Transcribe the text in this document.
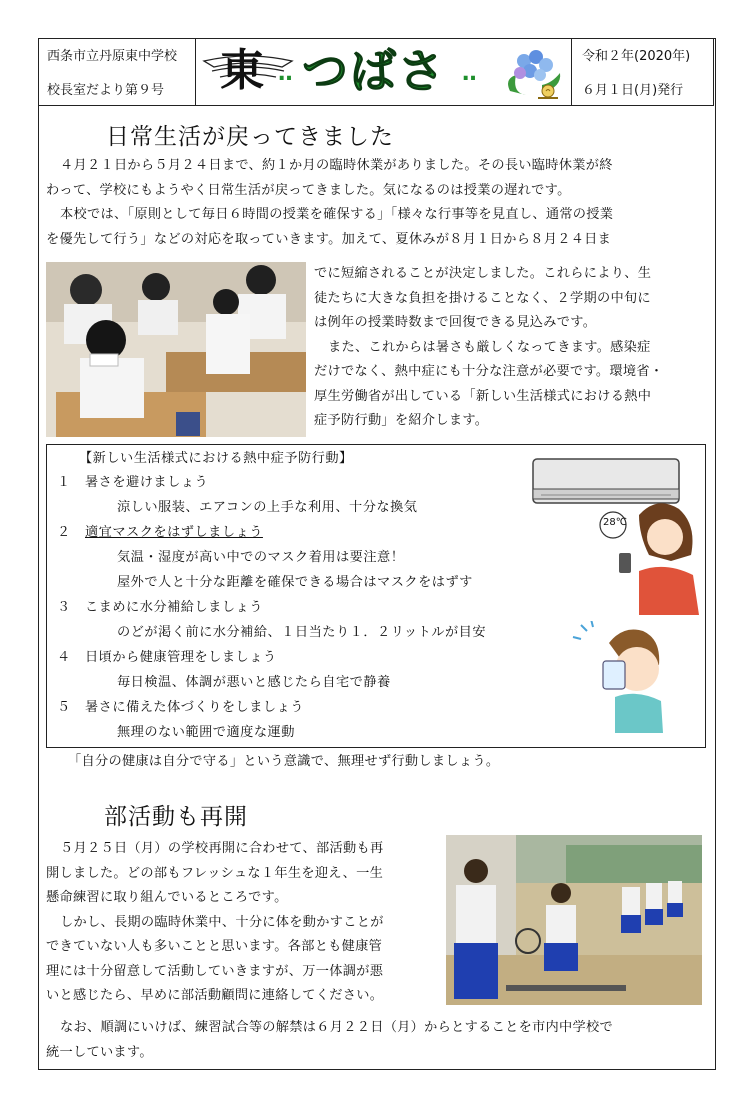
西条市立丹原東中学校
校長室だより第９号	東 ‥ つばさ ‥
令和２年(2020年)
６月１日(月)発行
日常生活が戻ってきました

４月２１日から５月２４日まで、約１か月の臨時休業がありました。その長い臨時休業が終

わって、学校にもようやく日常生活が戻ってきました。気になるのは授業の遅れです。

本校では、「原則として毎日６時間の授業を確保する」「様々な行事等を見直し、通常の授業

を優先して行う」などの対応を取っていきます。加えて、夏休みが８月１日から８月２４日ま

でに短縮されることが決定しました。これらにより、生

徒たちに大きな負担を掛けることなく、２学期の中旬に

は例年の授業時数まで回復できる見込みです。

また、これからは暑さも厳しくなってきます。感染症

だけでなく、熱中症にも十分な注意が必要です。環境省・

厚生労働省が出している「新しい生活様式における熱中

症予防行動」を紹介します。

【新しい生活様式における熱中症予防行動】
１ 暑さを避けましょう
涼しい服装、エアコンの上手な利用、十分な換気
２ 適宜マスクをはずしましょう
気温・湿度が高い中でのマスク着用は要注意！
屋外で人と十分な距離を確保できる場合はマスクをはずす
３ こまめに水分補給しましょう
のどが渇く前に水分補給、１日当たり１．２リットルが目安
４ 日頃から健康管理をしましょう
毎日検温、体調が悪いと感じたら自宅で静養
５ 暑さに備えた体づくりをしましょう
無理のない範囲で適度な運動
28℃
「自分の健康は自分で守る」という意識で、無理せず行動しましょう。
部活動も再開

５月２５日（月）の学校再開に合わせて、部活動も再

開しました。どの部もフレッシュな１年生を迎え、一生

懸命練習に取り組んでいるところです。

しかし、長期の臨時休業中、十分に体を動かすことが

できていない人も多いことと思います。各部とも健康管

理には十分留意して活動していきますが、万一体調が悪

いと感じたら、早めに部活動顧問に連絡してください。

なお、順調にいけば、練習試合等の解禁は６月２２日（月）からとすることを市内中学校で

統一しています。
